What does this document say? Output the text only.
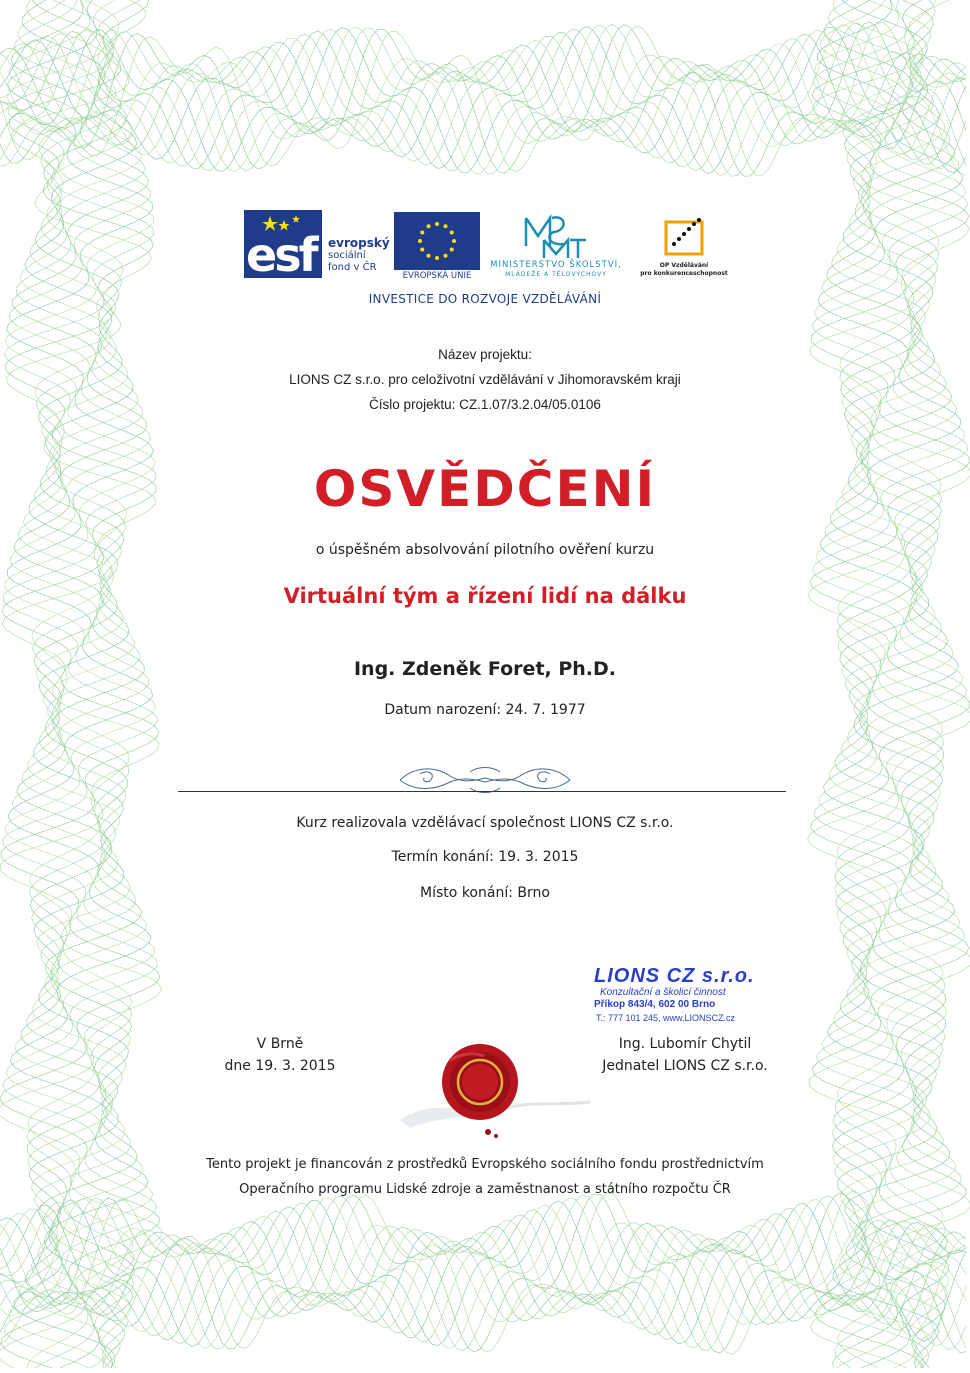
esf evropský
sociální
fond v ČR
EVROPSKÁ UNIE
MINISTERSTVO ŠKOLSTVÍ,
MLÁDEŽE A TĚLOVÝCHOVY
OP Vzdělávání
pro konkurenceschopnost
INVESTICE DO ROZVOJE VZDĚLÁVÁNÍ
Název projektu:
LIONS CZ s.r.o. pro celoživotní vzdělávání v Jihomoravském kraji
Číslo projektu: CZ.1.07/3.2.04/05.0106
OSVĚDČENÍ
o úspěšném absolvování pilotního ověření kurzu
Virtuální tým a řízení lidí na dálku
Ing. Zdeněk Foret, Ph.D.
Datum narození: 24. 7. 1977
Kurz realizovala vzdělávací společnost LIONS CZ s.r.o.
Termín konání: 19. 3. 2015
Místo konání: Brno
LIONS CZ s.r.o.
Konzultační a školicí činnost
Příkop 843/4, 602 00 Brno
T.: 777 101 245, www.LIONSCZ.cz
V Brně
dne 19. 3. 2015
Ing. Lubomír Chytil
Jednatel LIONS CZ s.r.o.
Tento projekt je financován z prostředků Evropského sociálního fondu prostřednictvím
Operačního programu Lidské zdroje a zaměstnanost a státního rozpočtu ČR
